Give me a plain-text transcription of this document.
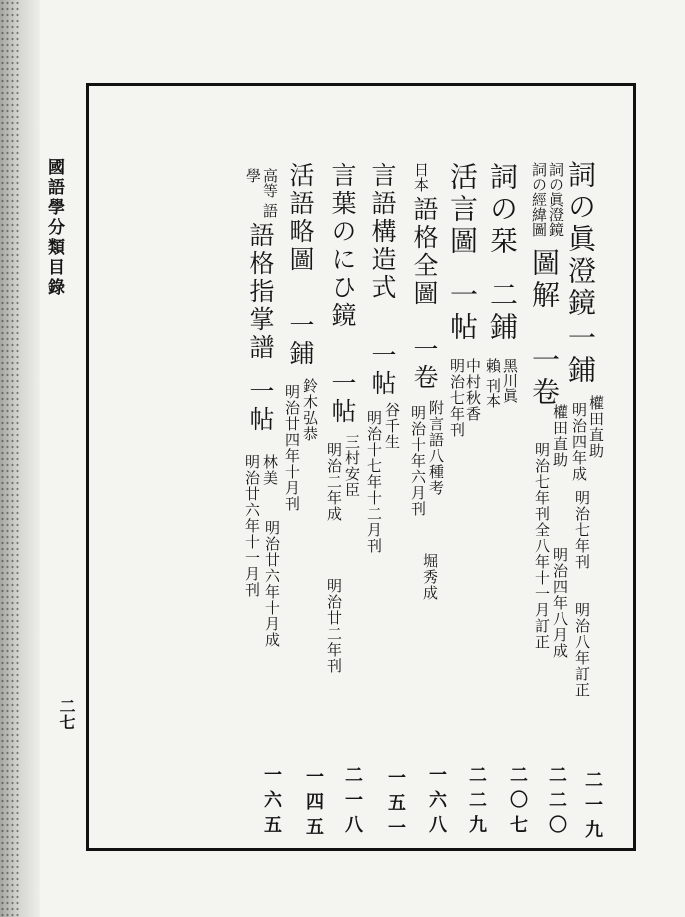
國語學分類目錄
二七
詞の眞澄鏡
一鋪
權田直助
明治四年成
明治七年刊
明治八年訂正
二一九
詞の眞澄鏡 詞の經緯圖
圖解
一卷
權田直助
明治四年八月成
明治七年刊全八年十一月訂正
二二〇
詞の栞
二鋪
黑川眞賴 刊本
中村秋香
明治七年刊
二〇七
活言圖
一帖
二二九
日本
語格全圖
一卷
附言語八種考
明治十年六月刊
堀秀成
一六八
言語構造式
一帖
谷千生
明治十七年十二月刊
一五一
言葉のにひ鏡
一帖
三村安臣
明治二年成
明治廿二年刊
二一八
活語略圖
一鋪
鈴木弘恭
明治廿四年十月刊
一四五
高等 語學
語格指掌譜
一帖
林美
明治廿六年十一月刊 明治廿六年十月成
一六五
